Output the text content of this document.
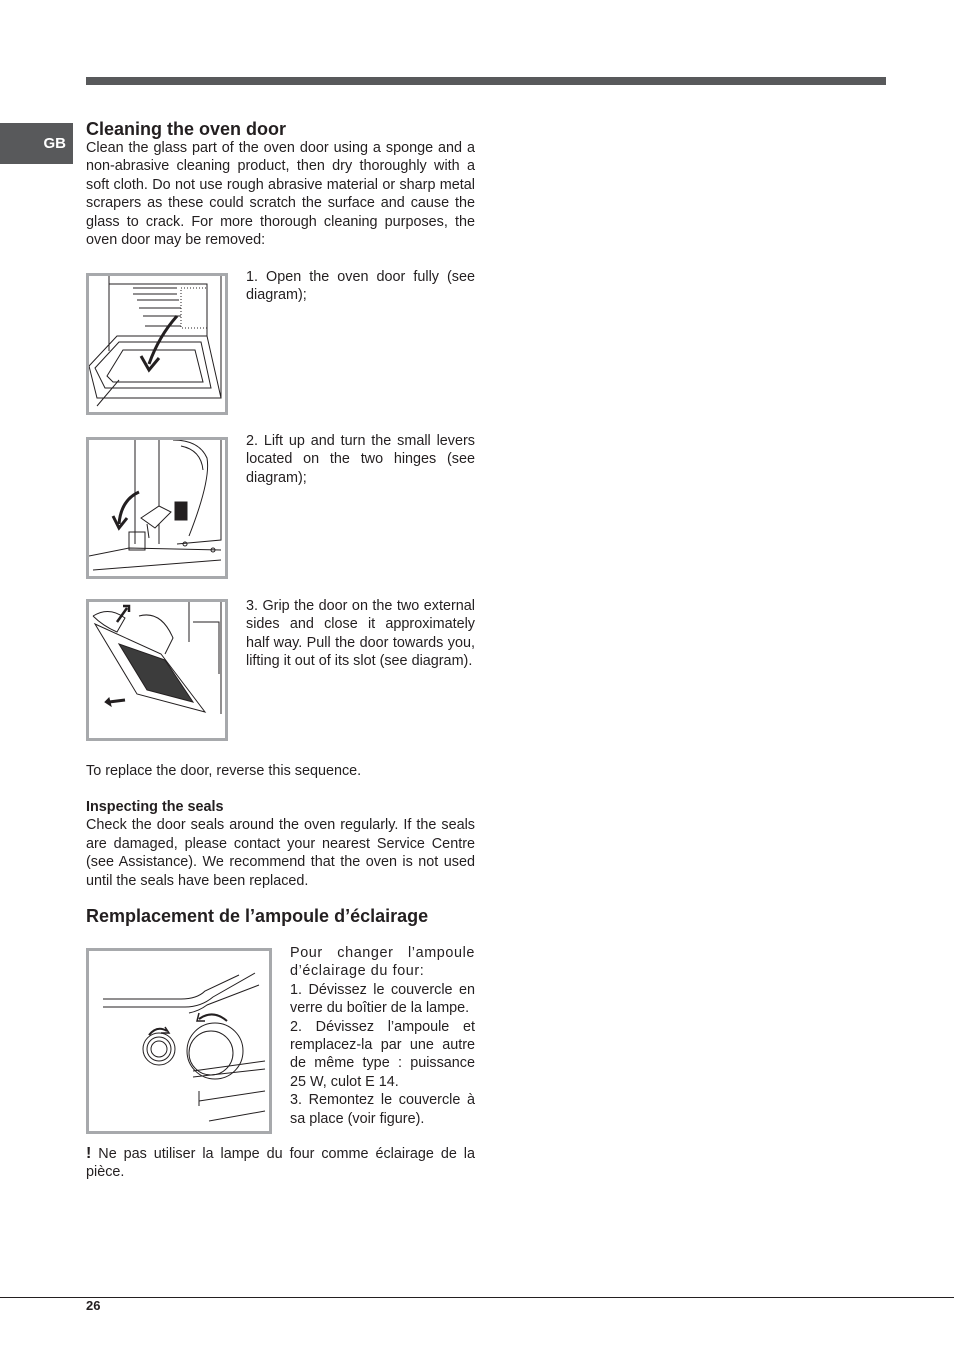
GB
Cleaning the oven door

Clean the glass part of the oven door using a sponge and a non-abrasive cleaning product, then dry thoroughly with a soft cloth. Do not use rough abrasive material or sharp metal scrapers as these could scratch the surface and cause the glass to crack. For more thorough cleaning purposes, the oven door may be removed:

1. Open the oven door fully (see diagram);
2. Lift up and turn the small levers located on the two hinges (see diagram);
3. Grip the door on the two external sides and close it approximately half way. Pull the door towards you, lifting it out of its slot (see diagram).

To replace the door, reverse this sequence.

Inspecting the seals

Check the door seals around the oven regularly. If the seals are damaged, please contact your nearest Service Centre (see Assistance). We recommend that the oven is not used until the seals have been replaced.

Remplacement de l’ampoule d’éclairage
Pour changer l’ampoule d’éclairage du four:
1. Dévissez le couvercle en verre du boîtier de la lampe.
2. Dévissez l’ampoule et remplacez-la par une autre de même type : puissance 25 W, culot E 14.
3. Remontez le couvercle à sa place (voir figure).

! Ne pas utiliser la lampe du four comme éclairage de la pièce.

26
